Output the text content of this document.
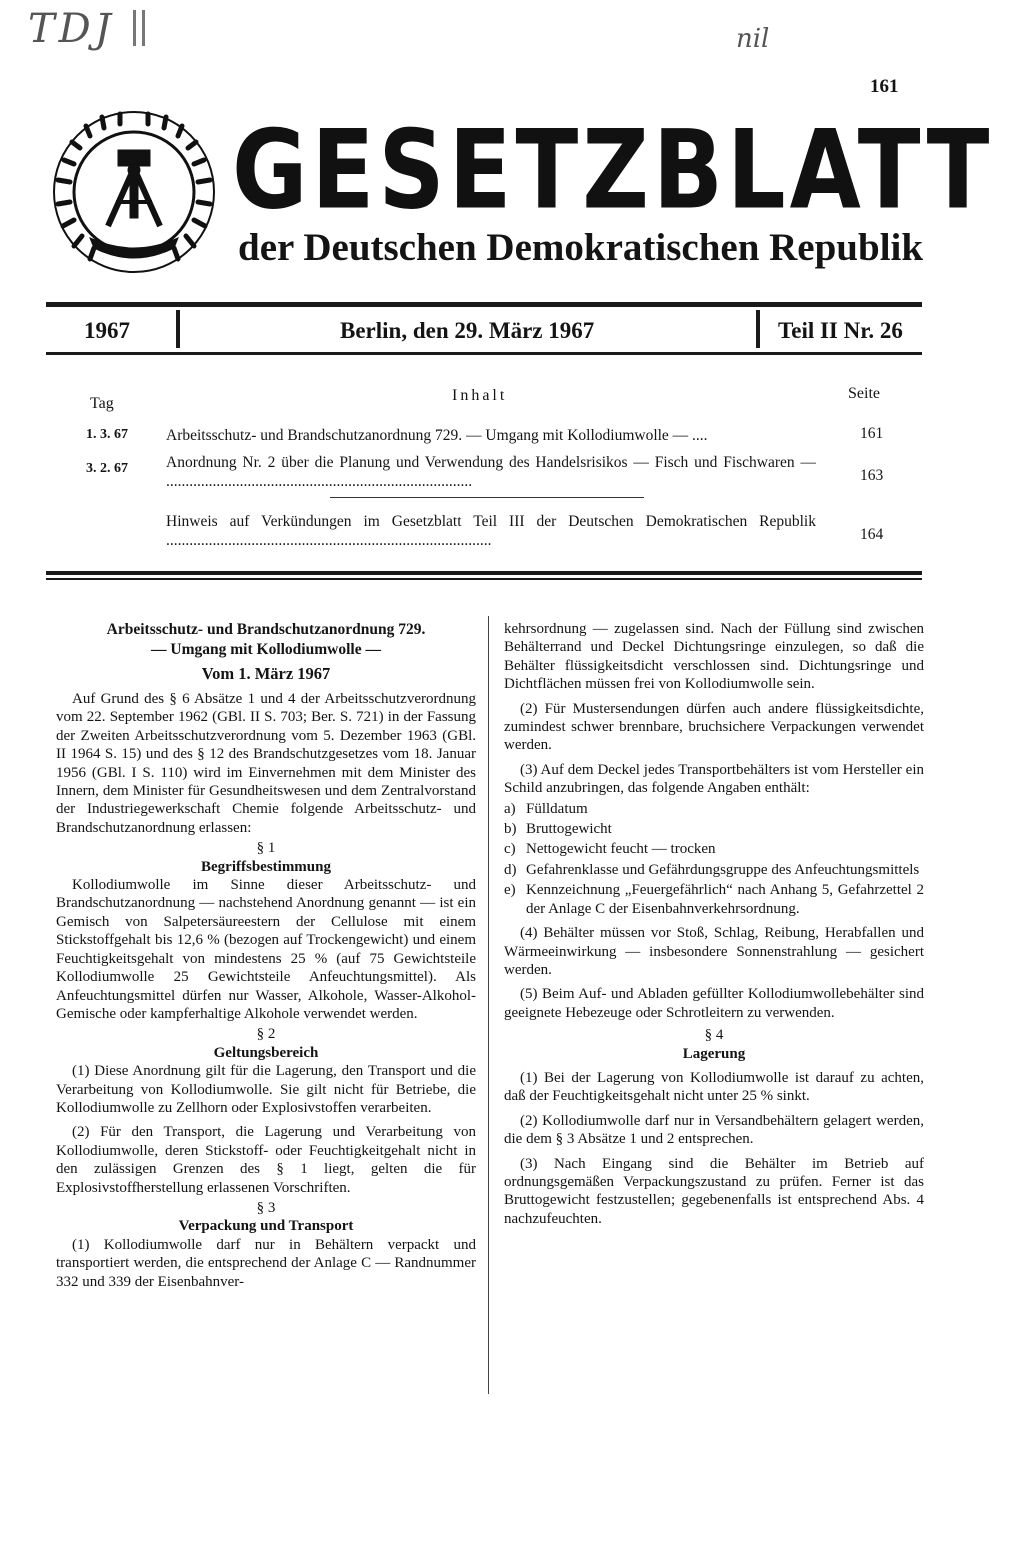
TDJ	nil
161
GESETZBLATT
der Deutschen Demokratischen Republik
1967	Berlin, den 29. März 1967	Teil II Nr. 26
Tag	Inhalt	Seite
1. 3. 67 Arbeitsschutz- und Brandschutzanordnung 729. — Umgang mit Kollodiumwolle — ....	161
3. 2. 67 Anordnung Nr. 2 über die Planung und Verwendung des Handelsrisikos — Fisch und Fischwaren — ...............................................................................	163
Hinweis auf Verkündungen im Gesetzblatt Teil III der Deutschen Demokratischen Republik ....................................................................................	164
Arbeitsschutz- und Brandschutzanordnung 729.
— Umgang mit Kollodiumwolle —
Vom 1. März 1967

Auf Grund des § 6 Absätze 1 und 4 der Arbeitsschutzverordnung vom 22. September 1962 (GBl. II S. 703; Ber. S. 721) in der Fassung der Zweiten Arbeitsschutzverordnung vom 5. Dezember 1963 (GBl. II 1964 S. 15) und des § 12 des Brandschutzgesetzes vom 18. Januar 1956 (GBl. I S. 110) wird im Einvernehmen mit dem Minister des Innern, dem Minister für Gesundheitswesen und dem Zentralvorstand der Industriegewerkschaft Chemie folgende Arbeitsschutz- und Brandschutzanordnung erlassen:

§ 1
Begriffsbestimmung

Kollodiumwolle im Sinne dieser Arbeitsschutz- und Brandschutzanordnung — nachstehend Anordnung genannt — ist ein Gemisch von Salpetersäureestern der Cellulose mit einem Stickstoffgehalt bis 12,6 % (bezogen auf Trockengewicht) und einem Feuchtigkeitsgehalt von mindestens 25 % (auf 75 Gewichtsteile Kollodiumwolle 25 Gewichtsteile Anfeuchtungsmittel). Als Anfeuchtungsmittel dürfen nur Wasser, Alkohole, Wasser-Alkohol-Gemische oder kampferhaltige Alkohole verwendet werden.

§ 2
Geltungsbereich

(1) Diese Anordnung gilt für die Lagerung, den Transport und die Verarbeitung von Kollodiumwolle. Sie gilt nicht für Betriebe, die Kollodiumwolle zu Zellhorn oder Explosivstoffen verarbeiten.

(2) Für den Transport, die Lagerung und Verarbeitung von Kollodiumwolle, deren Stickstoff- oder Feuchtigkeitgehalt nicht in den zulässigen Grenzen des § 1 liegt, gelten die für Explosivstoffherstellung erlassenen Vorschriften.

§ 3
Verpackung und Transport

(1) Kollodiumwolle darf nur in Behältern verpackt und transportiert werden, die entsprechend der Anlage C — Randnummer 332 und 339 der Eisenbahnver-

kehrsordnung — zugelassen sind. Nach der Füllung sind zwischen Behälterrand und Deckel Dichtungsringe einzulegen, so daß die Behälter flüssigkeitsdicht verschlossen sind. Dichtungsringe und Dichtflächen müssen frei von Kollodiumwolle sein.

(2) Für Mustersendungen dürfen auch andere flüssigkeitsdichte, zumindest schwer brennbare, bruchsichere Verpackungen verwendet werden.

(3) Auf dem Deckel jedes Transportbehälters ist vom Hersteller ein Schild anzubringen, das folgende Angaben enthält:

a) Fülldatum
b) Bruttogewicht
c) Nettogewicht feucht — trocken
d) Gefahrenklasse und Gefährdungsgruppe des Anfeuchtungsmittels
e) Kennzeichnung „Feuergefährlich“ nach Anhang 5, Gefahrzettel 2 der Anlage C der Eisenbahnverkehrsordnung.

(4) Behälter müssen vor Stoß, Schlag, Reibung, Herabfallen und Wärmeeinwirkung — insbesondere Sonnenstrahlung — gesichert werden.

(5) Beim Auf- und Abladen gefüllter Kollodiumwollebehälter sind geeignete Hebezeuge oder Schrotleitern zu verwenden.

§ 4
Lagerung

(1) Bei der Lagerung von Kollodiumwolle ist darauf zu achten, daß der Feuchtigkeitsgehalt nicht unter 25 % sinkt.

(2) Kollodiumwolle darf nur in Versandbehältern gelagert werden, die dem § 3 Absätze 1 und 2 entsprechen.

(3) Nach Eingang sind die Behälter im Betrieb auf ordnungsgemäßen Verpackungszustand zu prüfen. Ferner ist das Bruttogewicht festzustellen; gegebenenfalls ist entsprechend Abs. 4 nachzufeuchten.
